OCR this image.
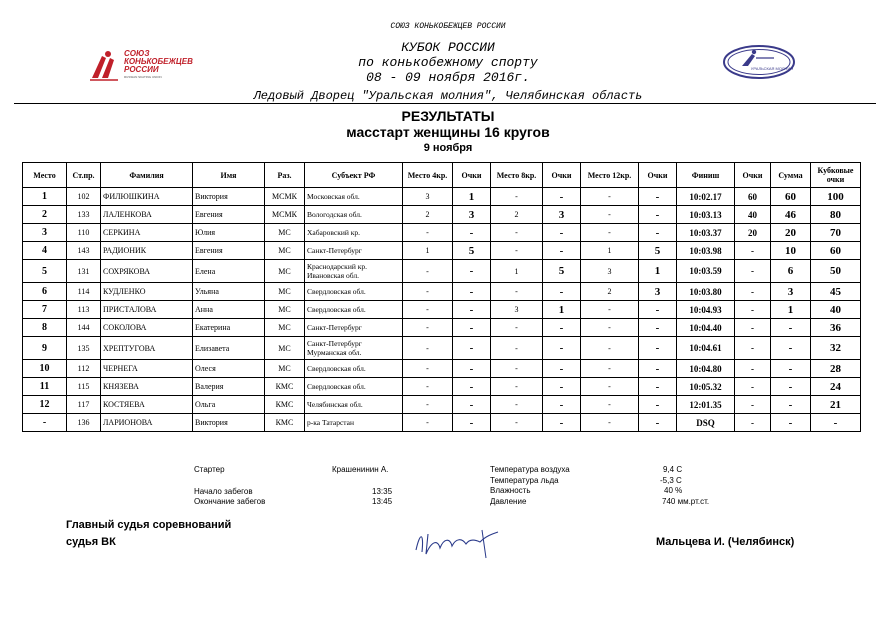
СОЮЗ КОНЬКОБЕЖЦЕВ РОССИИ
СОЮЗ
КОНЬКОБЕЖЦЕВ
РОССИИ
RUSSIAN SKATING UNION
КУБОК РОССИИ
по конькобежному спорту
08 - 09 ноября 2016г.
УРАЛЬСКАЯ МОЛНИЯ
Ледовый Дворец "Уральская молния", Челябинская область
РЕЗУЛЬТАТЫ
масстарт женщины 16 кругов
9 ноября
Место	Ст.пр.	Фамилия	Имя	Раз.	Субъект РФ	Место 4кр.	Очки	Место 8кр.	Очки	Место 12кр.	Очки	Финиш	Очки	Сумма	Кубковые очки
1	102	ФИЛЮШКИНА	Виктория	МСМК	Московская обл.	3	1	-	-	-	-	10:02.17	60	60	100
2	133	ЛАЛЕНКОВА	Евгения	МСМК	Вологодская обл.	2	3	2	3	-	-	10:03.13	40	46	80
3	110	СЕРКИНА	Юлия	МС	Хабаровский кр.	-	-	-	-	-	-	10:03.37	20	20	70
4	143	РАДИОНИК	Евгения	МС	Санкт-Петербург	1	5	-	-	1	5	10:03.98	-	10	60
5	131	СОХРЯКОВА	Елена	МС	Краснодарский кр.
Ивановская обл.	-	-	1	5	3	1	10:03.59	-	6	50
6	114	КУДЛЕНКО	Ульяна	МС	Свердловская обл.	-	-	-	-	2	3	10:03.80	-	3	45
7	113	ПРИСТАЛОВА	Анна	МС	Свердловская обл.	-	-	3	1	-	-	10:04.93	-	1	40
8	144	СОКОЛОВА	Екатерина	МС	Санкт-Петербург	-	-	-	-	-	-	10:04.40	-	-	36
9	135	ХРЕПТУГОВА	Елизавета	МС	Санкт-Петербург
Мурманская обл.	-	-	-	-	-	-	10:04.61	-	-	32
10	112	ЧЕРНЕГА	Олеся	МС	Свердловская обл.	-	-	-	-	-	-	10:04.80	-	-	28
11	115	КНЯЗЕВА	Валерия	КМС	Свердловская обл.	-	-	-	-	-	-	10:05.32	-	-	24
12	117	КОСТЯЕВА	Ольга	КМС	Челябинская обл.	-	-	-	-	-	-	12:01.35	-	-	21
-	136	ЛАРИОНОВА	Виктория	КМС	р-ка Татарстан	-	-	-	-	-	-	DSQ	-	-	-
Стартер	Крашенинин А.
Начало забегов	13:35
Окончание забегов	13:45
Температура воздуха	9,4 С
Температура льда	-5,3 С
Влажность	40 %
Давление	740 мм.рт.ст.
Главный судья соревнований
судья ВК	Мальцева И. (Челябинск)
